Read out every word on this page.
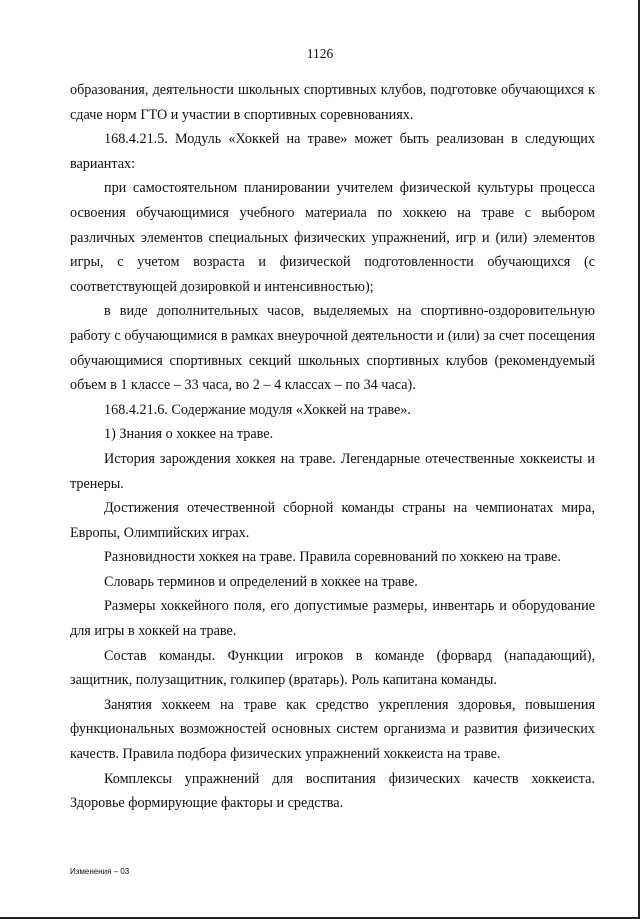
1126

образования, деятельности школьных спортивных клубов, подготовке обучающихся к сдаче норм ГТО и участии в спортивных соревнованиях.

168.4.21.5. Модуль «Хоккей на траве» может быть реализован в следующих вариантах:

при самостоятельном планировании учителем физической культуры процесса освоения обучающимися учебного материала по хоккею на траве с выбором различных элементов специальных физических упражнений, игр и (или) элементов игры, с учетом возраста и физической подготовленности обучающихся (с соответствующей дозировкой и интенсивностью);

в виде дополнительных часов, выделяемых на спортивно-оздоровительную работу с обучающимися в рамках внеурочной деятельности и (или) за счет посещения обучающимися спортивных секций школьных спортивных клубов (рекомендуемый объем в 1 классе – 33 часа, во 2 – 4 классах – по 34 часа).

168.4.21.6. Содержание модуля «Хоккей на траве».

1) Знания о хоккее на траве.

История зарождения хоккея на траве. Легендарные отечественные хоккеисты и тренеры.

Достижения отечественной сборной команды страны на чемпионатах мира, Европы, Олимпийских играх.

Разновидности хоккея на траве. Правила соревнований по хоккею на траве.

Словарь терминов и определений в хоккее на траве.

Размеры хоккейного поля, его допустимые размеры, инвентарь и оборудование для игры в хоккей на траве.

Состав команды. Функции игроков в команде (форвард (нападающий), защитник, полузащитник, голкипер (вратарь). Роль капитана команды.

Занятия хоккеем на траве как средство укрепления здоровья, повышения функциональных возможностей основных систем организма и развития физических качеств. Правила подбора физических упражнений хоккеиста на траве.

Комплексы упражнений для воспитания физических качеств хоккеиста. Здоровье формирующие факторы и средства.

Изменения – 03
